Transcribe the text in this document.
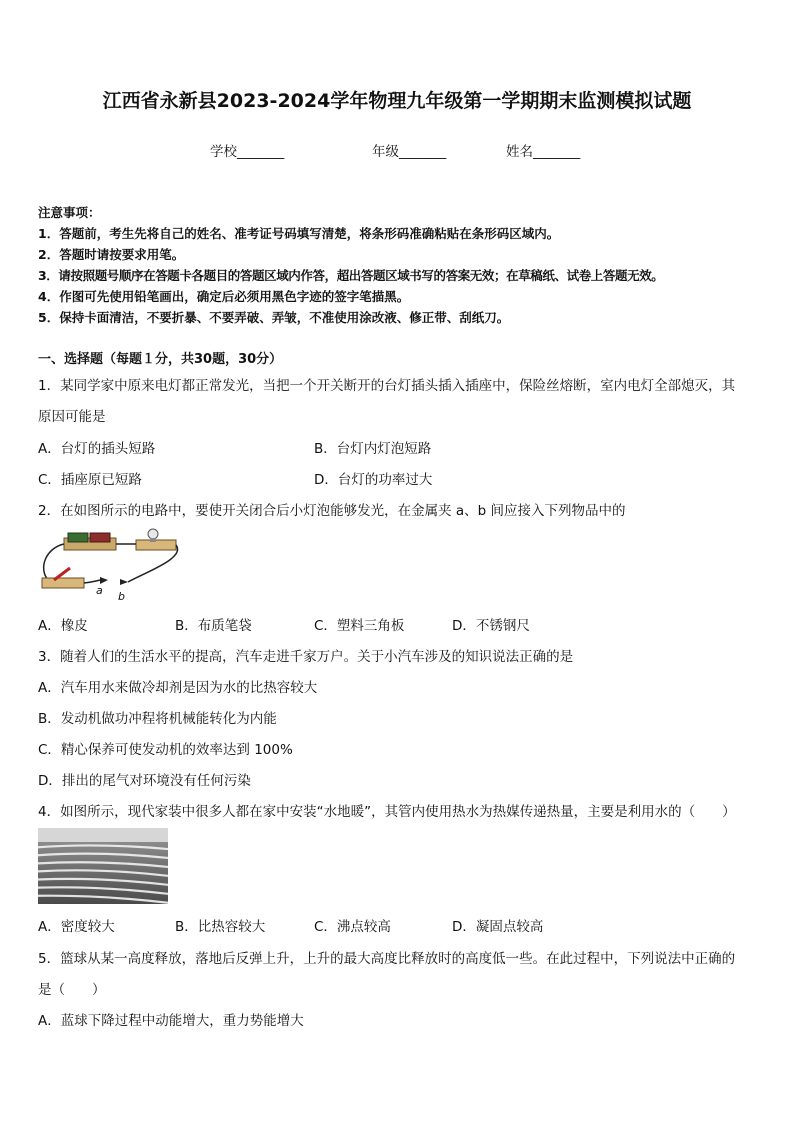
江西省永新县2023-2024学年物理九年级第一学期期末监测模拟试题
学校_______	年级_______	姓名_______
注意事项：
1．答题前，考生先将自己的姓名、准考证号码填写清楚，将条形码准确粘贴在条形码区域内。
2．答题时请按要求用笔。
3．请按照题号顺序在答题卡各题目的答题区域内作答，超出答题区域书写的答案无效；在草稿纸、试卷上答题无效。
4．作图可先使用铅笔画出，确定后必须用黑色字迹的签字笔描黑。
5．保持卡面清洁，不要折暴、不要弄破、弄皱，不准使用涂改液、修正带、刮纸刀。
一、选择题（每题１分，共30题，30分）
1．某同学家中原来电灯都正常发光，当把一个开关断开的台灯插头插入插座中，保险丝熔断，室内电灯全部熄灭，其
原因可能是
A．台灯的插头短路	B．台灯内灯泡短路
C．插座原已短路	D．台灯的功率过大
2．在如图所示的电路中，要使开关闭合后小灯泡能够发光，在金属夹 a、b 间应接入下列物品中的
a b
A．橡皮	B．布质笔袋	C．塑料三角板	D．不锈钢尺
3．随着人们的生活水平的提高，汽车走进千家万户。关于小汽车涉及的知识说法正确的是
A．汽车用水来做冷却剂是因为水的比热容较大
B．发动机做功冲程将机械能转化为内能
C．精心保养可使发动机的效率达到 100%
D．排出的尾气对环境没有任何污染
4．如图所示，现代家装中很多人都在家中安装“水地暖”，其管内使用热水为热媒传递热量，主要是利用水的（　　）
A．密度较大	B．比热容较大	C．沸点较高	D．凝固点较高
5．篮球从某一高度释放，落地后反弹上升，上升的最大高度比释放时的高度低一些。在此过程中，下列说法中正确的
是（　　）
A．蓝球下降过程中动能增大，重力势能增大
